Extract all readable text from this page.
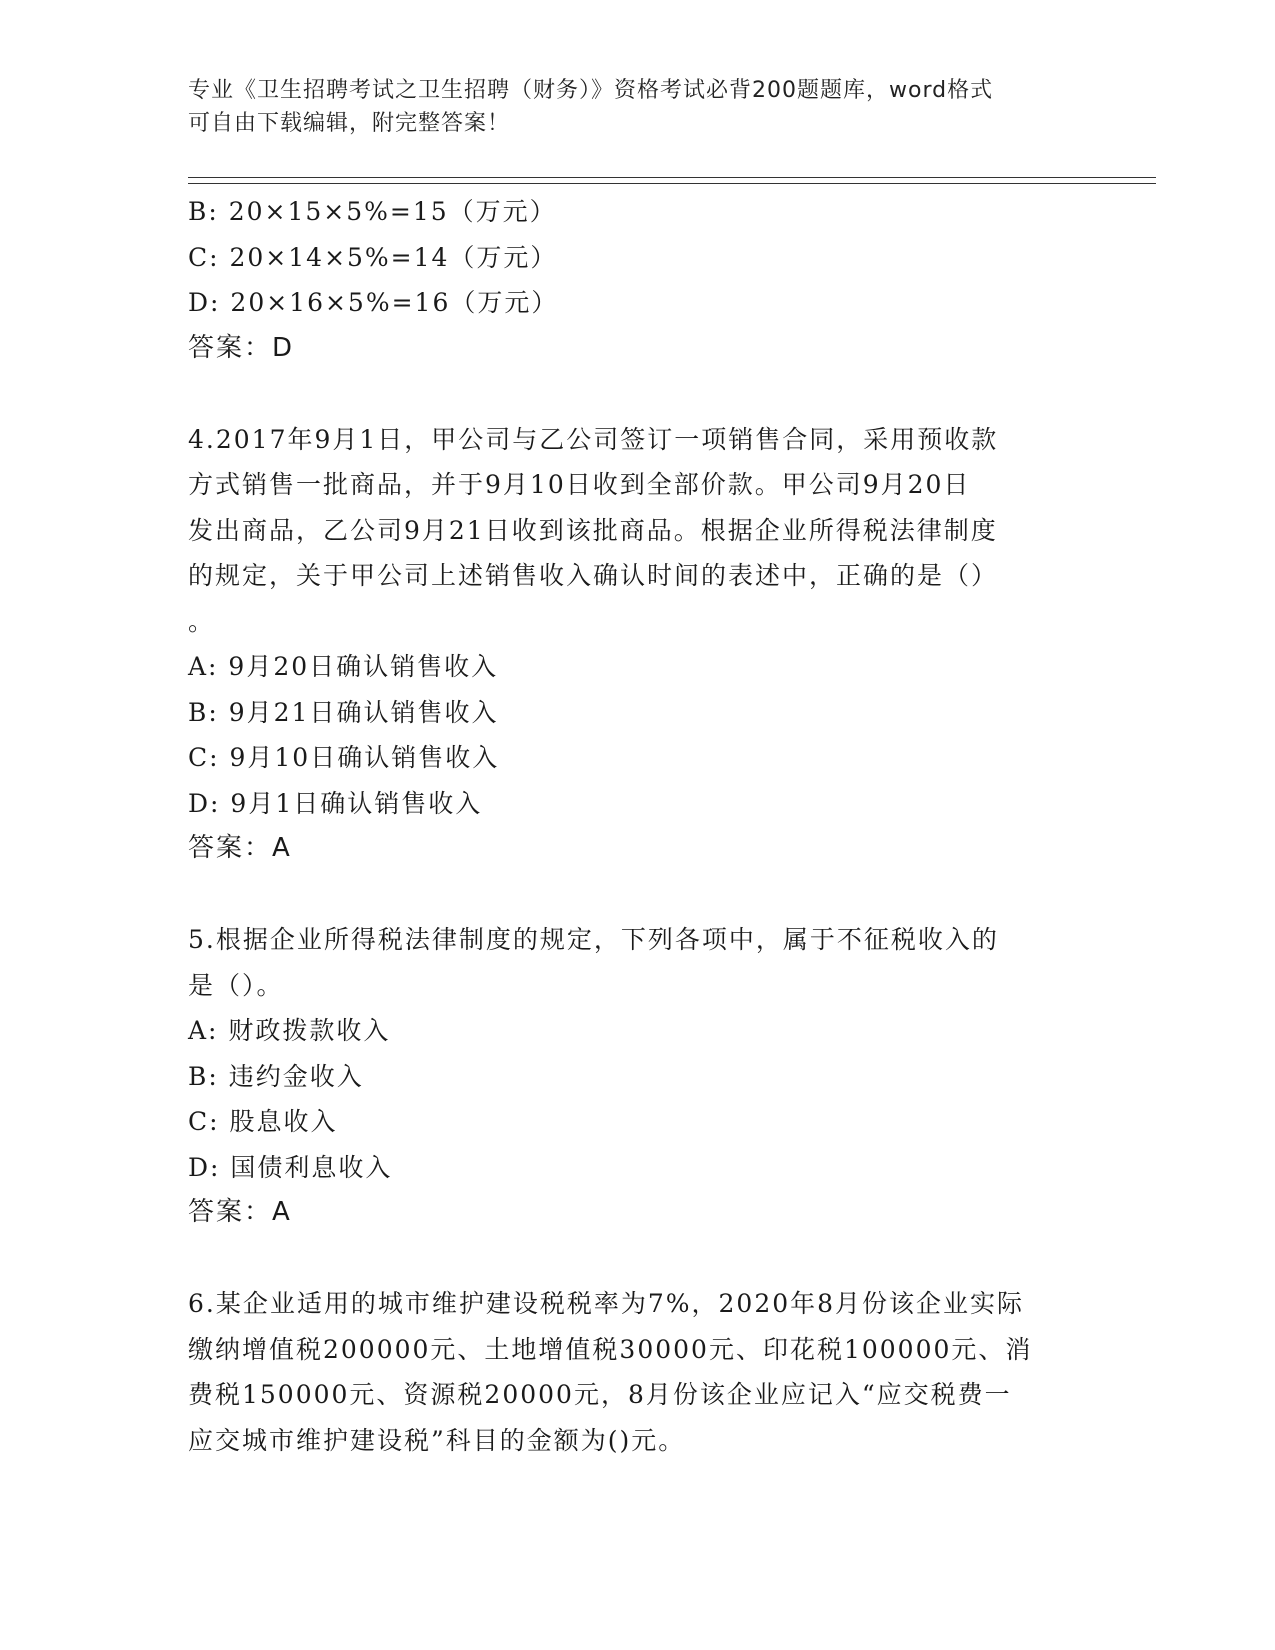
专业《卫生招聘考试之卫生招聘（财务）》资格考试必背200题题库，word格式
可自由下载编辑，附完整答案！
B: 20×15×5%=15（万元）
C: 20×14×5%=14（万元）
D: 20×16×5%=16（万元）
答案：D
4.2017年9月1日，甲公司与乙公司签订一项销售合同，采用预收款
方式销售一批商品，并于9月10日收到全部价款。甲公司9月20日
发出商品，乙公司9月21日收到该批商品。根据企业所得税法律制度
的规定，关于甲公司上述销售收入确认时间的表述中，正确的是（）
。
A: 9月20日确认销售收入
B: 9月21日确认销售收入
C: 9月10日确认销售收入
D: 9月1日确认销售收入
答案：A
5.根据企业所得税法律制度的规定，下列各项中，属于不征税收入的
是（）。
A: 财政拨款收入
B: 违约金收入
C: 股息收入
D: 国债利息收入
答案：A
6.某企业适用的城市维护建设税税率为7%，2020年8月份该企业实际
缴纳增值税200000元、土地增值税30000元、印花税100000元、消
费税150000元、资源税20000元，8月份该企业应记入“应交税费一
应交城市维护建设税”科目的金额为()元。
